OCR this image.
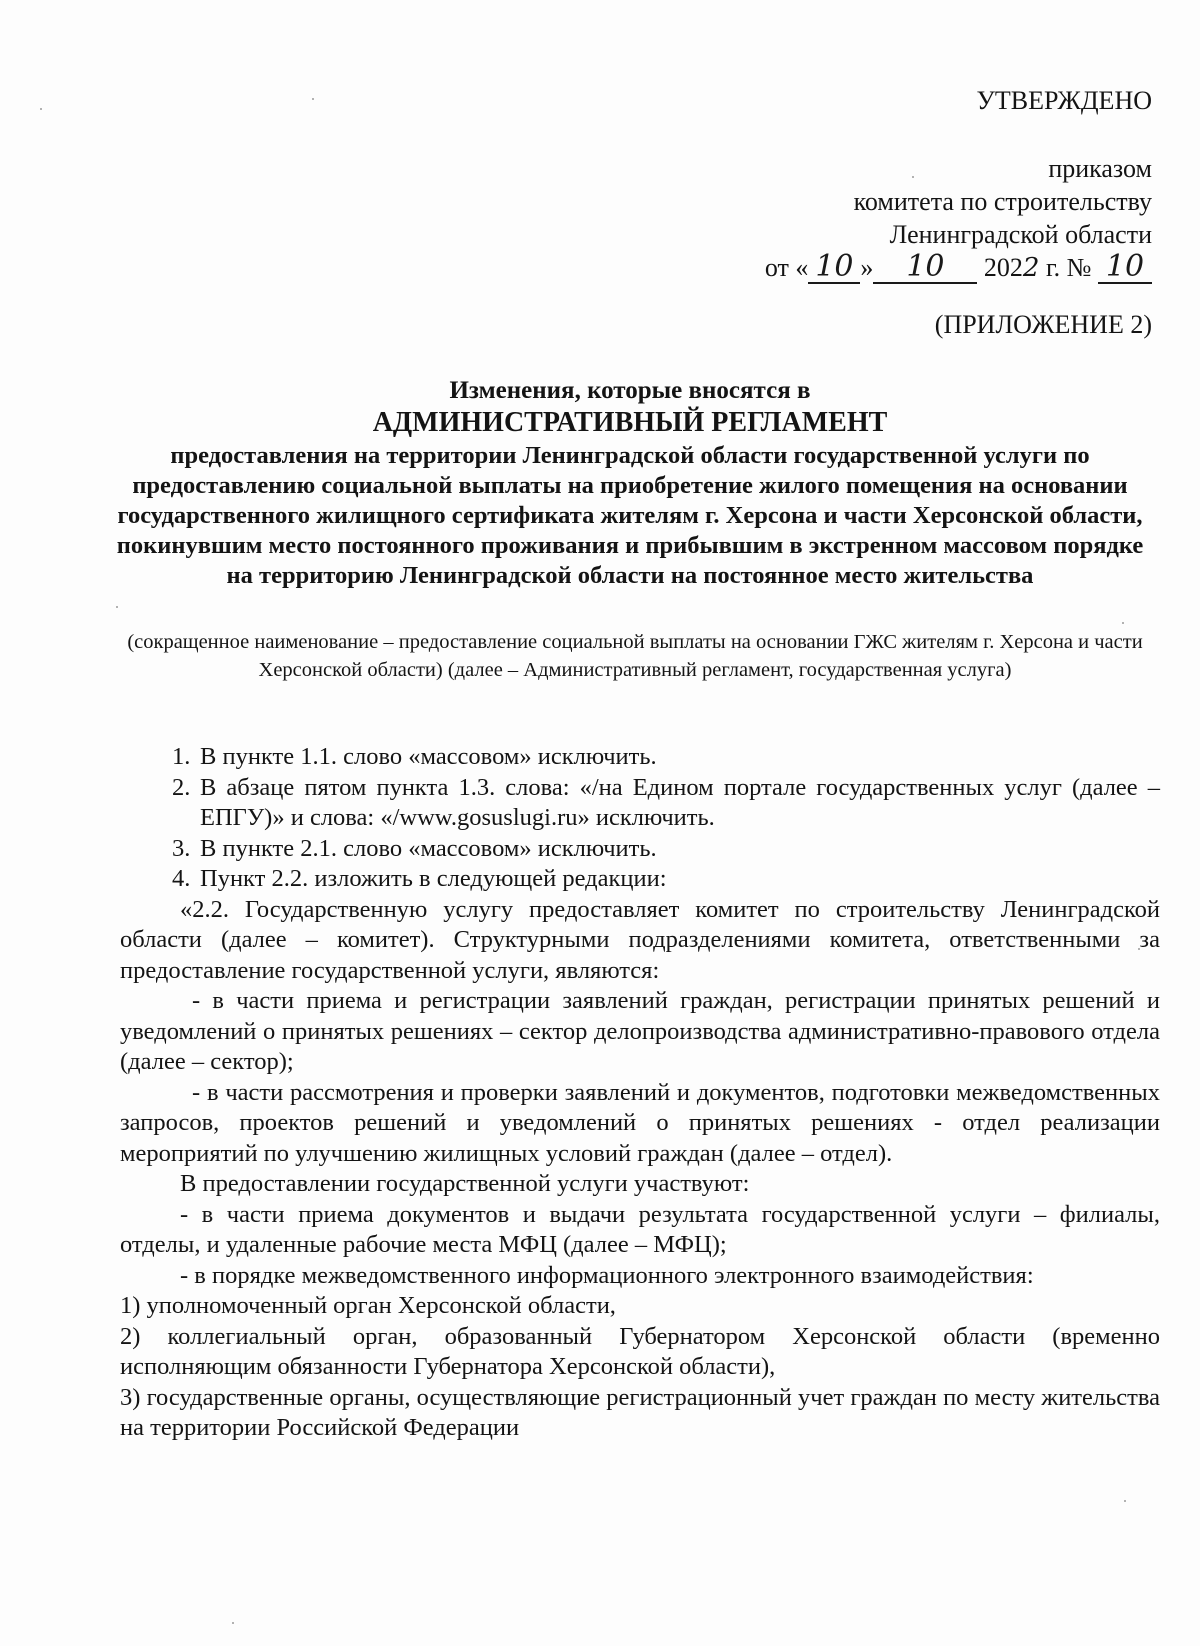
УТВЕРЖДЕНО
приказом
комитета по строительству
Ленинградской области
от « 10 » 10 2022 г. № 10
(ПРИЛОЖЕНИЕ 2)
Изменения, которые вносятся в
АДМИНИСТРАТИВНЫЙ РЕГЛАМЕНТ
предоставления на территории Ленинградской области государственной услуги по предоставлению социальной выплаты на приобретение жилого помещения на основании государственного жилищного сертификата жителям г. Херсона и части Херсонской области, покинувшим место постоянного проживания и прибывшим в экстренном массовом порядке на территорию Ленинградской области на постоянное место жительства
(сокращенное наименование – предоставление социальной выплаты на основании ГЖС жителям г. Херсона и части Херсонской области) (далее – Административный регламент, государственная услуга)
1. В пункте 1.1. слово «массовом» исключить.
2. В абзаце пятом пункта 1.3. слова: «/на Едином портале государственных услуг (далее – ЕПГУ)» и слова: «/www.gosuslugi.ru» исключить.
3. В пункте 2.1. слово «массовом» исключить.
4. Пункт 2.2. изложить в следующей редакции:
«2.2. Государственную услугу предоставляет комитет по строительству Ленинградской области (далее – комитет). Структурными подразделениями комитета, ответственными за предоставление государственной услуги, являются:
- в части приема и регистрации заявлений граждан, регистрации принятых решений и уведомлений о принятых решениях – сектор делопроизводства административно-правового отдела (далее – сектор);
- в части рассмотрения и проверки заявлений и документов, подготовки межведомственных запросов, проектов решений и уведомлений о принятых решениях - отдел реализации мероприятий по улучшению жилищных условий граждан (далее – отдел).
В предоставлении государственной услуги участвуют:
- в части приема документов и выдачи результата государственной услуги – филиалы, отделы, и удаленные рабочие места МФЦ (далее – МФЦ);
- в порядке межведомственного информационного электронного взаимодействия:
1) уполномоченный орган Херсонской области,
2) коллегиальный орган, образованный Губернатором Херсонской области (временно исполняющим обязанности Губернатора Херсонской области),
3) государственные органы, осуществляющие регистрационный учет граждан по месту жительства на территории Российской Федерации
